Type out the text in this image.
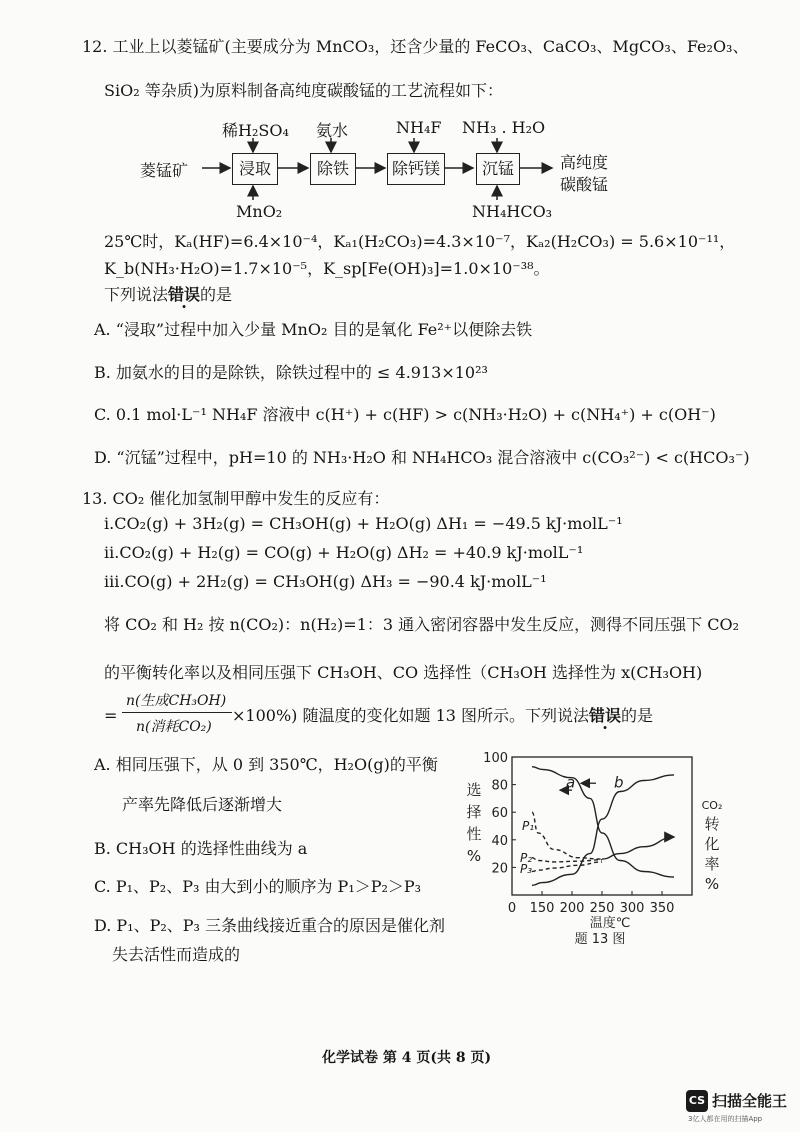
12. 工业上以菱锰矿(主要成分为 MnCO₃，还含少量的 FeCO₃、CaCO₃、MgCO₃、Fe₂O₃、
SiO₂ 等杂质)为原料制备高纯度碳酸锰的工艺流程如下：
菱锰矿	浸取	除铁	除钙镁	沉锰
稀H₂SO₄ 氨水	NH₄F NH₃ . H₂O
MnO₂	NH₄HCO₃
高纯度
碳酸锰
25℃时，Kₐ(HF)=6.4×10⁻⁴，Kₐ₁(H₂CO₃)=4.3×10⁻⁷，Kₐ₂(H₂CO₃) = 5.6×10⁻¹¹，
K_b(NH₃·H₂O)=1.7×10⁻⁵，K_sp[Fe(OH)₃]=1.0×10⁻³⁸。
下列说法错误的是
A. “浸取”过程中加入少量 MnO₂ 目的是氧化 Fe²⁺以便除去铁
B. 加氨水的目的是除铁，除铁过程中的 ≤ 4.913×10²³
C. 0.1 mol·L⁻¹ NH₄F 溶液中 c(H⁺) + c(HF) > c(NH₃·H₂O) + c(NH₄⁺) + c(OH⁻)
D. “沉锰”过程中，pH=10 的 NH₃·H₂O 和 NH₄HCO₃ 混合溶液中 c(CO₃²⁻) < c(HCO₃⁻)
13. CO₂ 催化加氢制甲醇中发生的反应有：
i.CO₂(g) + 3H₂(g) = CH₃OH(g) + H₂O(g) ΔH₁ = −49.5 kJ·molL⁻¹
ii.CO₂(g) + H₂(g) = CO(g) + H₂O(g) ΔH₂ = +40.9 kJ·molL⁻¹
iii.CO(g) + 2H₂(g) = CH₃OH(g) ΔH₃ = −90.4 kJ·molL⁻¹
将 CO₂ 和 H₂ 按 n(CO₂)：n(H₂)=1：3 通入密闭容器中发生反应，测得不同压强下 CO₂
的平衡转化率以及相同压强下 CH₃OH、CO 选择性（CH₃OH 选择性为 x(CH₃OH)
=
n(生成CH₃OH)
n(消耗CO₂)
×100%) 随温度的变化如题 13 图所示。下列说法错误的是
A. 相同压强下，从 0 到 350℃，H₂O(g)的平衡
产率先降低后逐渐增大
B. CH₃OH 的选择性曲线为 a
C. P₁、P₂、P₃ 由大到小的顺序为 P₁＞P₂＞P₃
D. P₁、P₂、P₃ 三条曲线接近重合的原因是催化剂
失去活性而造成的
0 150 200 250 300 350
20
40
60
80
100
a	b
P₁
P₂
P₃
选
择
性
%
CO₂
转
化
率
%
温度℃
题 13 图
化学试卷 第 4 页(共 8 页)
CS 扫描全能王
3亿人都在用的扫描App
